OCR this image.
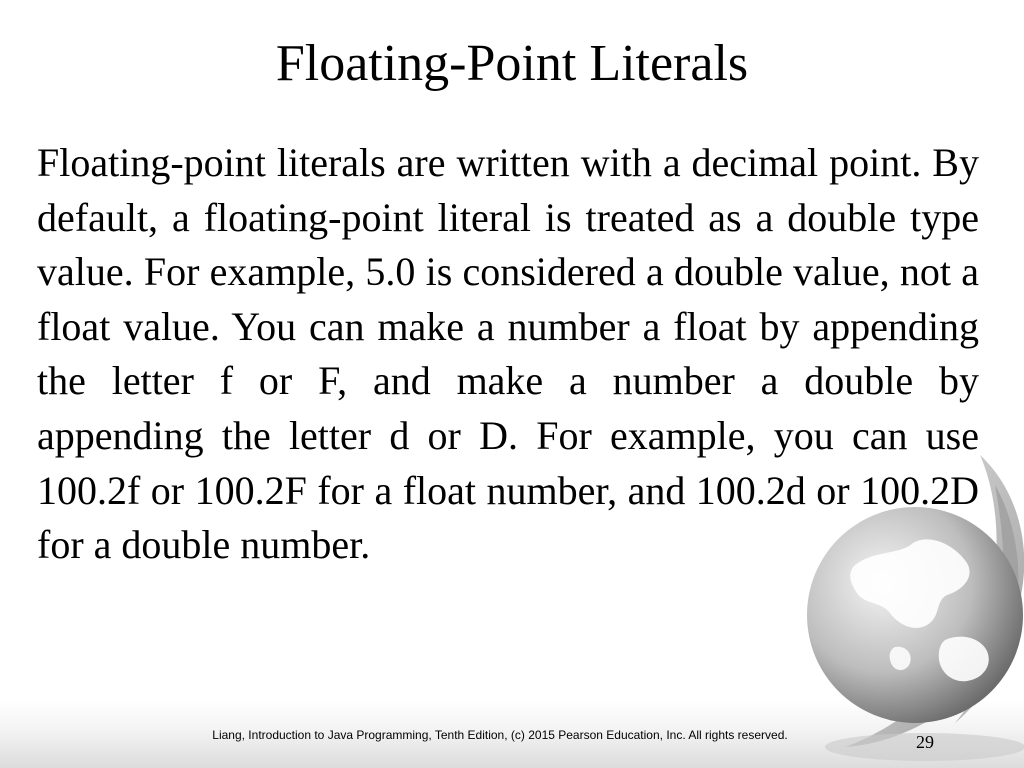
Floating-Point Literals

Floating-point literals are written with a decimal point. By default, a floating-point literal is treated as a double type value. For example, 5.0 is considered a double value, not a float value. You can make a number a float by appending the letter f or F, and make a number a double by appending the letter d or D. For example, you can use 100.2f or 100.2F for a float number, and 100.2d or 100.2D for a double number.

Liang, Introduction to Java Programming, Tenth Edition, (c) 2015 Pearson Education, Inc. All rights reserved.	29
